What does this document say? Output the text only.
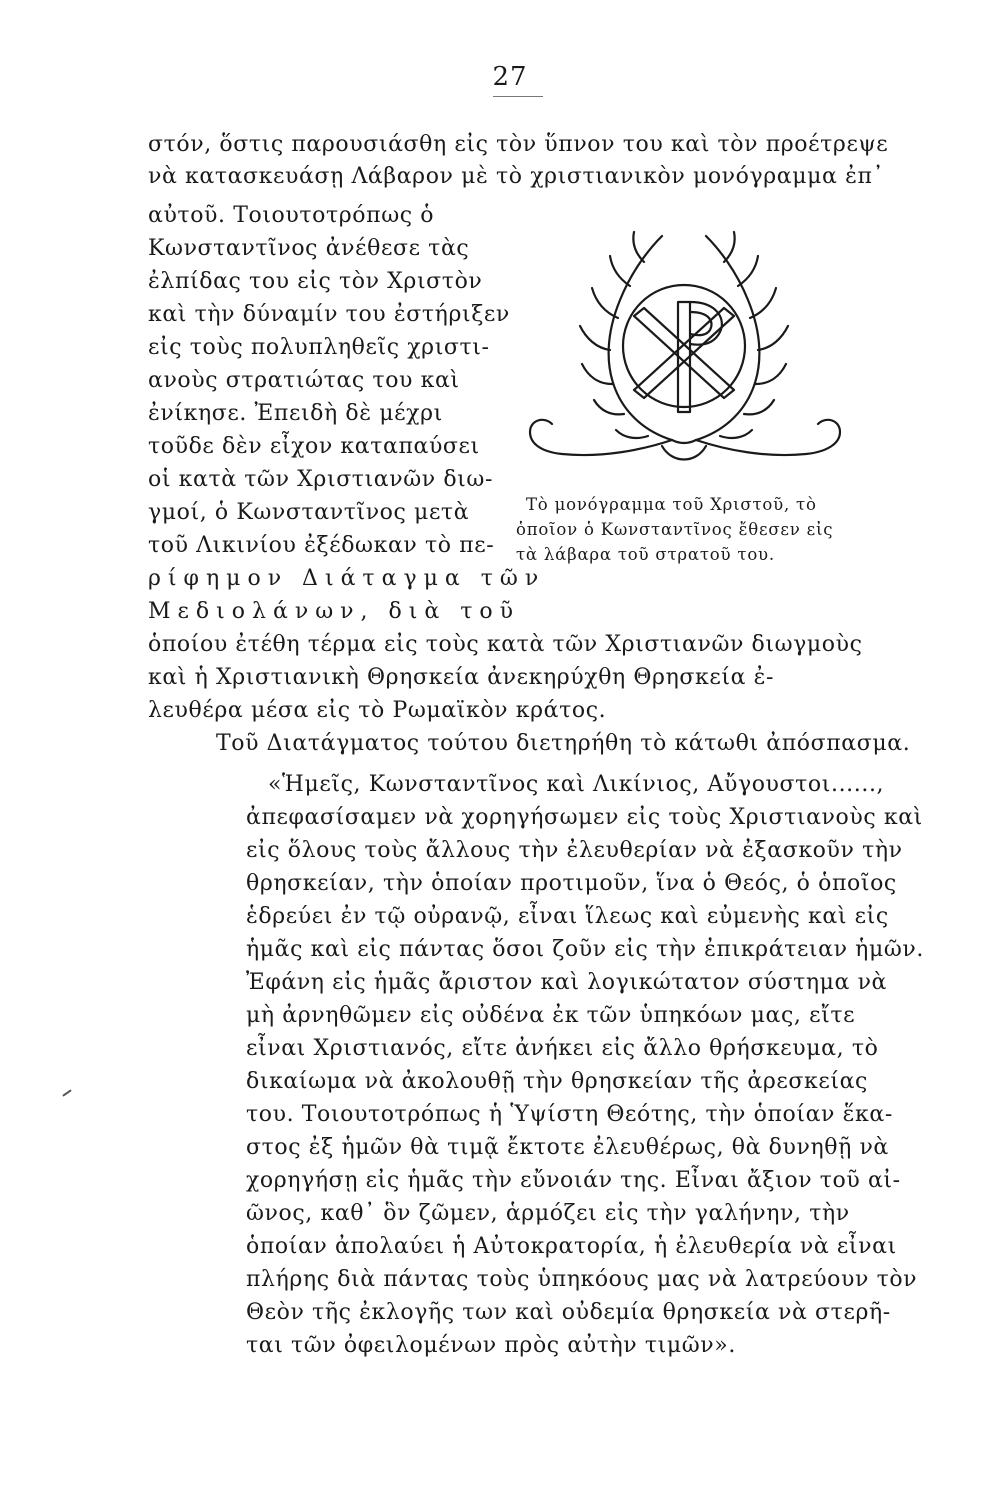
27
στόν, ὅστις παρουσιάσθη εἰς τὸν ὕπνον του καὶ τὸν προέτρεψε
νὰ κατασκευάσῃ Λάβαρον μὲ τὸ χριστιανικὸν μονόγραμμα ἐπ᾿
αὐτοῦ. Τοιουτοτρόπως ὁ
Κωνσταντῖνος ἀνέθεσε τὰς
ἐλπίδας του εἰς τὸν Χριστὸν
καὶ τὴν δύναμίν του ἐστήριξεν
εἰς τοὺς πολυπληθεῖς χριστι-
ανοὺς στρατιώτας του καὶ
ἐνίκησε. Ἐπειδὴ δὲ μέχρι
τοῦδε δὲν εἶχον καταπαύσει
οἱ κατὰ τῶν Χριστιανῶν διω-
γμοί, ὁ Κωνσταντῖνος μετὰ
τοῦ Λικινίου ἐξέδωκαν τὸ πε-
ρίφημον Διάταγμα τῶν
Μεδιολάνων, διὰ τοῦ
Τὸ μονόγραμμα τοῦ Χριστοῦ, τὸ
ὁποῖον ὁ Κωνσταντῖνος ἔθεσεν εἰς
τὰ λάβαρα τοῦ στρατοῦ του.
ὁποίου ἐτέθη τέρμα εἰς τοὺς κατὰ τῶν Χριστιανῶν διωγμοὺς
καὶ ἡ Χριστιανικὴ Θρησκεία ἀνεκηρύχθη Θρησκεία ἐ-
λευθέρα μέσα εἰς τὸ Ρωμαϊκὸν κράτος.
Τοῦ Διατάγματος τούτου διετηρήθη τὸ κάτωθι ἀπόσπασμα.
«Ἡμεῖς, Κωνσταντῖνος καὶ Λικίνιος, Αὔγουστοι......,
ἀπεφασίσαμεν νὰ χορηγήσωμεν εἰς τοὺς Χριστιανοὺς καὶ
εἰς ὅλους τοὺς ἄλλους τὴν ἐλευθερίαν νὰ ἐξασκοῦν τὴν
θρησκείαν, τὴν ὁποίαν προτιμοῦν, ἵνα ὁ Θεός, ὁ ὁποῖος
ἑδρεύει ἐν τῷ οὐρανῷ, εἶναι ἵλεως καὶ εὐμενὴς καὶ εἰς
ἡμᾶς καὶ εἰς πάντας ὅσοι ζοῦν εἰς τὴν ἐπικράτειαν ἡμῶν.
Ἐφάνη εἰς ἡμᾶς ἄριστον καὶ λογικώτατον σύστημα νὰ
μὴ ἀρνηθῶμεν εἰς οὐδένα ἐκ τῶν ὑπηκόων μας, εἴτε
εἶναι Χριστιανός, εἴτε ἀνήκει εἰς ἄλλο θρήσκευμα, τὸ
δικαίωμα νὰ ἀκολουθῇ τὴν θρησκείαν τῆς ἀρεσκείας
του. Τοιουτοτρόπως ἡ Ὑψίστη Θεότης, τὴν ὁποίαν ἕκα-
στος ἐξ ἡμῶν θὰ τιμᾷ ἔκτοτε ἐλευθέρως, θὰ δυνηθῇ νὰ
χορηγήσῃ εἰς ἡμᾶς τὴν εὔνοιάν της. Εἶναι ἄξιον τοῦ αἰ-
ῶνος, καθ᾿ ὃν ζῶμεν, ἁρμόζει εἰς τὴν γαλήνην, τὴν
ὁποίαν ἀπολαύει ἡ Αὐτοκρατορία, ἡ ἐλευθερία νὰ εἶναι
πλήρης διὰ πάντας τοὺς ὑπηκόους μας νὰ λατρεύουν τὸν
Θεὸν τῆς ἐκλογῆς των καὶ οὐδεμία θρησκεία νὰ στερῆ-
ται τῶν ὀφειλομένων πρὸς αὐτὴν τιμῶν».
